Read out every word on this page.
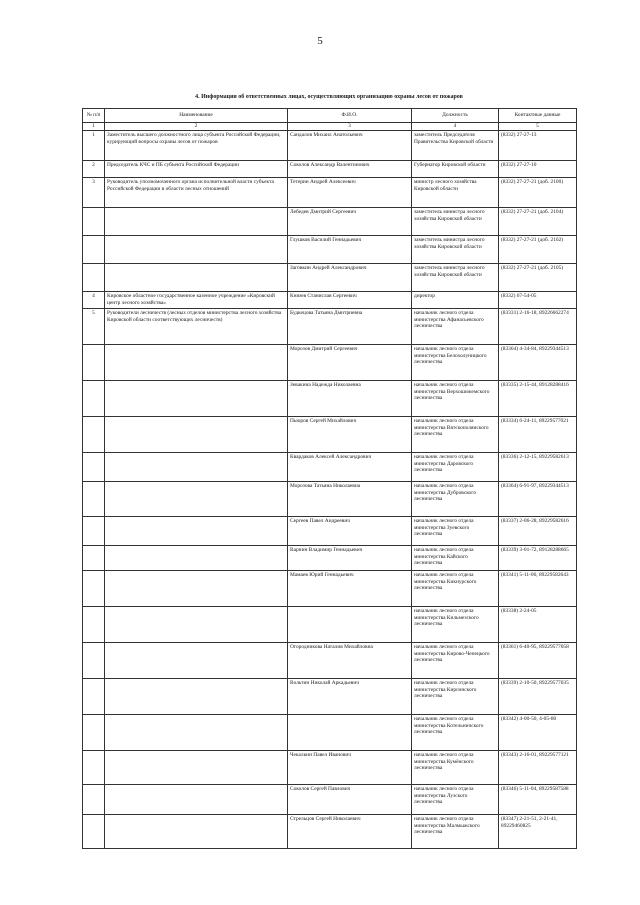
5
4. Информация об ответственных лицах, осуществляющих организацию охраны лесов от пожаров
№ п/п	Наименование	Ф.И.О.	Должность	Контактные данные
1	2	3	4	5
1	Заместитель высшего должностного лица субъекта Российской Федерации, курирующий вопросы охраны лесов от пожаров	Сандалов Михаил Анатольевич	заместитель Председателя Правительства Кировской области	(8332) 27-27-13
2	Председатель КЧС и ПБ субъекта Российской Федерации	Соколов Александр Валентинович	Губернатор Кировской области	(8332) 27-27-10
3	Руководитель уполномоченного органа исполнительной власти субъекта Российской Федерации в области лесных отношений	Тетерин Андрей Алексеевич	министр лесного хозяйства Кировской области	(8332) 27-27-21 (доб. 2100)
		Лебедев Дмитрий Сергеевич	заместитель министра лесного хозяйства Кировской области	(8332) 27-27-21 (доб. 2104)
		Глушков Василий Геннадьевич	заместитель министра лесного хозяйства Кировской области	(8332) 27-27-21 (доб. 2102)
		Заговкин Андрей Александрович	заместитель министра лесного хозяйства Кировской области	(8332) 27-27-21 (доб. 2105)
4	Кировское областное государственное казенное учреждение «Кировский центр лесного хозяйства»	Князев Станислав Сергеевич	директор	(8332) 67-54-05
5	Руководители лесничеств (лесных отделов министерства лесного хозяйства Кировской области соответствующих лесничеств)	Будкецова Татьяна Дмитриевна	начальник лесного отдела министерства Афанасьевского лесничества	(83331) 2-16-18, 89226662274
		Морозов Дмитрий Сергеевич	начальник лесного отдела министерства Белохолуницкого лесничества	(83364) 4-34-84, 89229344513
		Зевакина Надежда Николаевна	начальник лесного отдела министерства Верхошижемского лесничества	(83335) 2-15-44, 89128288416
		Пьюров Сергей Михайлович	начальник лесного отдела министерства Вятскополянского лесничества	(83334) 6-24-11, 89229577021
		Квардаков Алексей Александрович	начальник лесного отдела министерства Даровского лесничества	(83336) 2-12-15, 89229582613
		Морозова Татьяна Николаевна	начальник лесного отдела министерства Дубровского лесничества	(83364) 6-91-97, 89229344513
		Сергеев Павел Андреевич	начальник лесного отдела министерства Зуевского лесничества	(83337) 2-06-28, 89229582616
		Варнин Владимир Геннадьевич	начальник лесного отдела министерства Кайского лесничества	(83339) 3-01-72, 89128288665
		Мамаев Юрий Геннадьевич	начальник лесного отдела министерства Кикнурского лесничества	(83341) 5-11-06, 89229582643
			начальник лесного отдела министерства Кильмезского лесничества	(83338) 2-24-05
		Огородникова Наталия Михайловна	начальник лесного отдела министерства Кирово-Чепецкого лесничества	(83361) 6-40-95, 89229577058
		Вольтин Николай Аркадьевич	начальник лесного отдела министерства Кирсинского лесничества	(83339) 2-10-50, 89229577035
			начальник лесного отдела министерства Котельничского лесничества	(83342) 4-00-50, 4-05-80
		Чекалкин Павел Иванович	начальник лесного отдела министерства Кумёнского лесничества	(83343) 2-16-01, 89229577121
		Соколов Сергей Павлович	начальник лесного отдела министерства Лузского лесничества	(83346) 5-11-04, 89229587588
		Стрельцов Сергей Николаевич	начальник лесного отдела министерства Малмыжского лесничества	(83347) 2-21-51, 2-21-41, 89229460825
